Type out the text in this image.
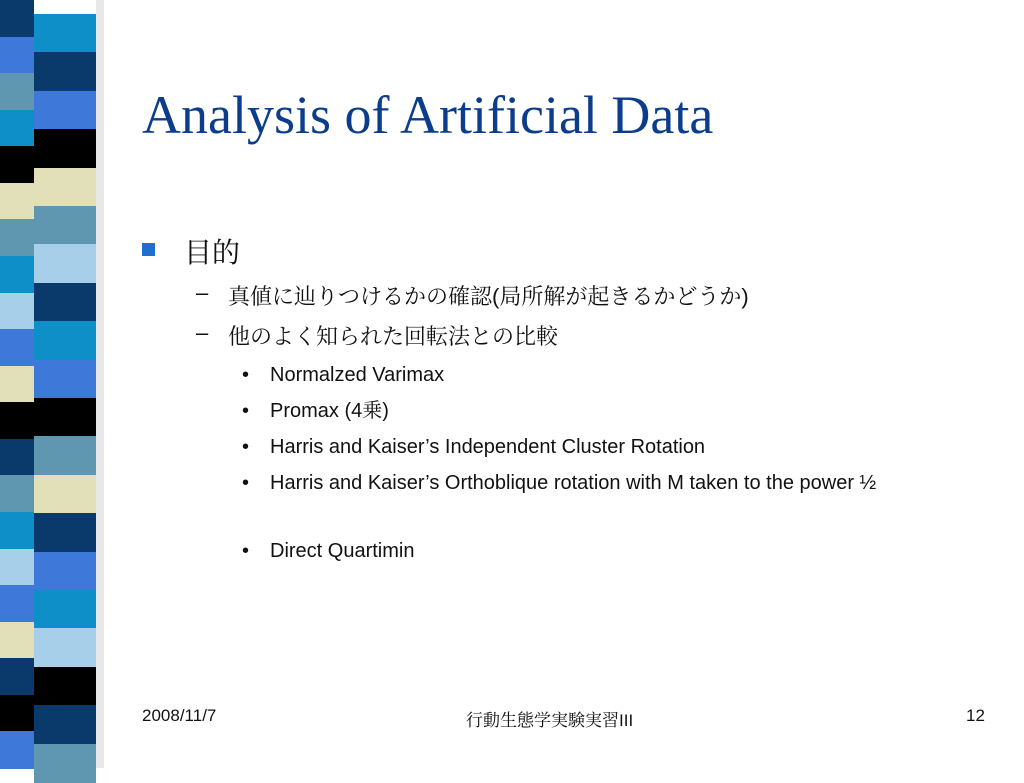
Analysis of Artificial Data
目的
– 真値に辿りつけるかの確認(局所解が起きるかどうか)
– 他のよく知られた回転法との比較
• Normalzed Varimax
• Promax (4乗)
• Harris and Kaiser’s Independent Cluster Rotation
• Harris and Kaiser’s Orthoblique rotation with M taken to the power ½
• Direct Quartimin
2008/11/7	行動生態学実験実習III	12
